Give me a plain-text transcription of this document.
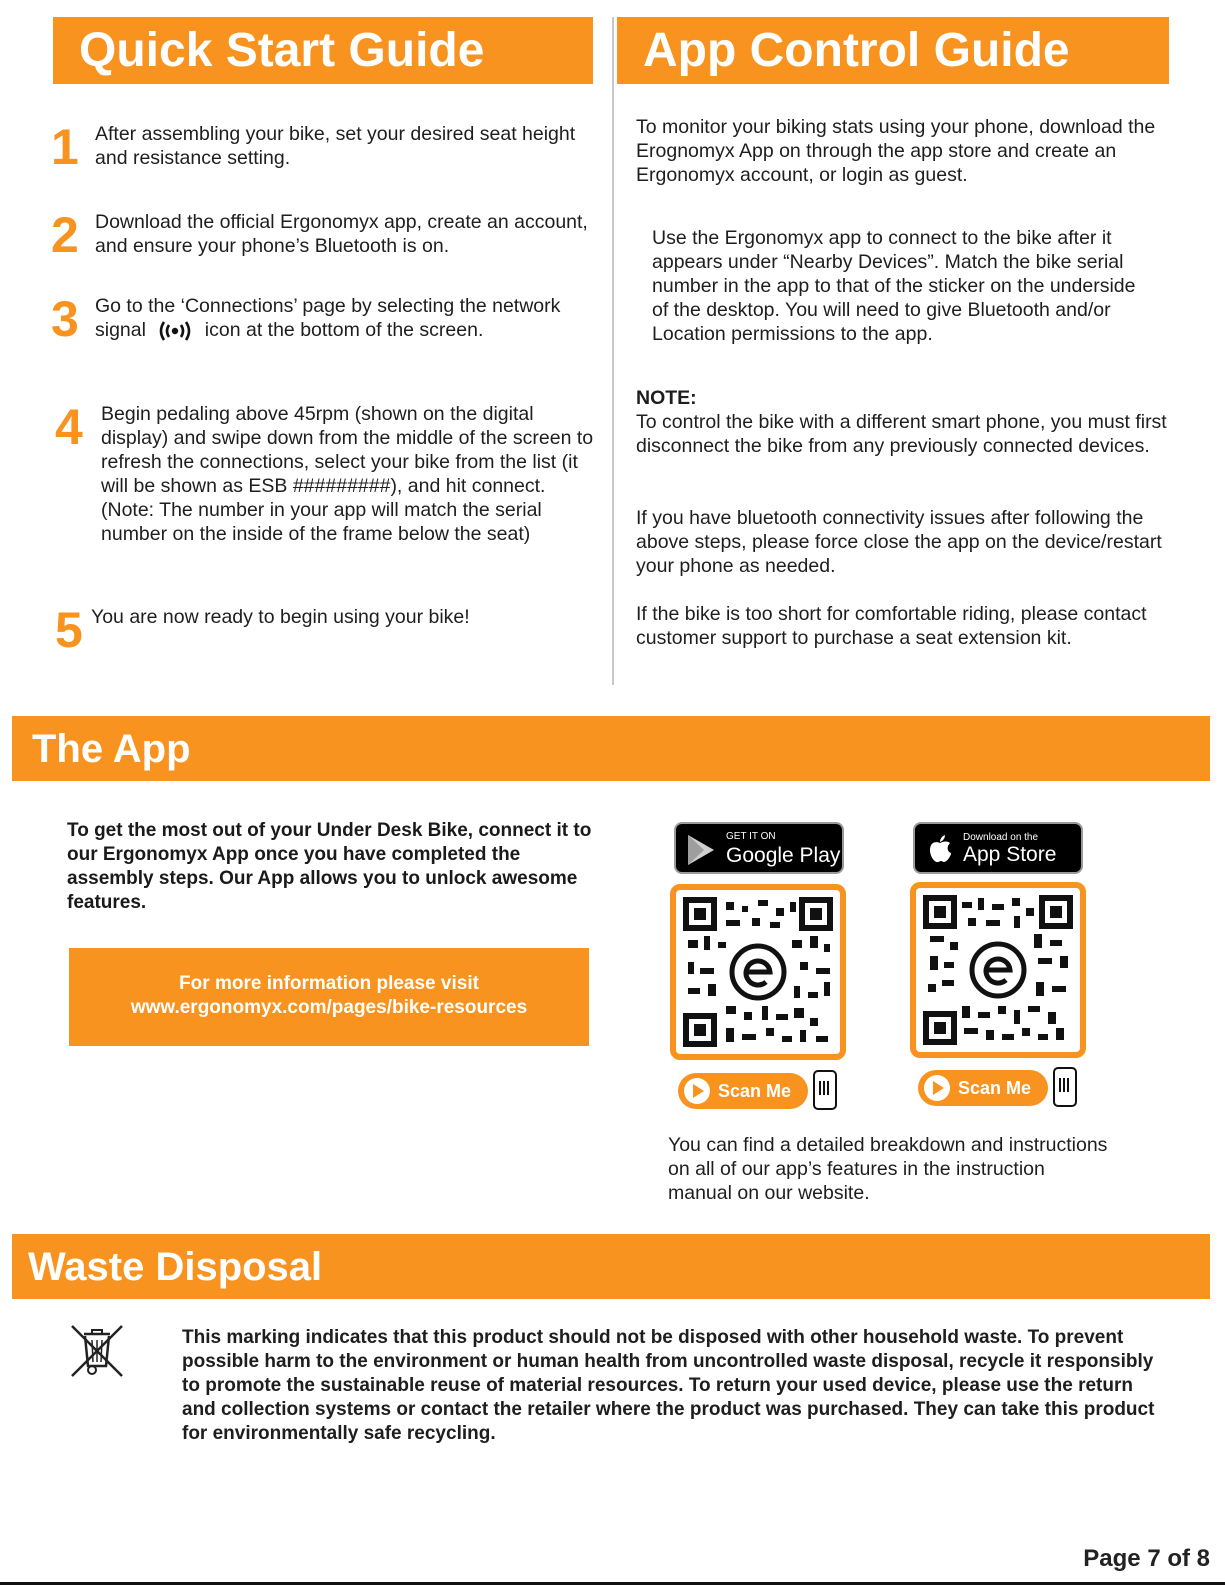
Quick Start Guide	App Control Guide
1 After assembling your bike, set your desired seat height and resistance setting.
2 Download the official Ergonomyx app, create an account, and ensure your phone’s Bluetooth is on.
3 Go to the ‘Connections’ page by selecting the network signal	icon at the bottom of the screen.
4 Begin pedaling above 45rpm (shown on the digital display) and swipe down from the middle of the screen to refresh the connections, select your bike from the list (it will be shown as ESB #########), and hit connect. (Note: The number in your app will match the serial number on the inside of the frame below the seat)
5 You are now ready to begin using your bike!
To monitor your biking stats using your phone, download the Erognomyx App on through the app store and create an Ergonomyx account, or login as guest.
Use the Ergonomyx app to connect to the bike after it appears under “Nearby Devices”. Match the bike serial number in the app to that of the sticker on the underside of the desktop. You will need to give Bluetooth and/or Location permissions to the app.
NOTE:
To control the bike with a different smart phone, you must first disconnect the bike from any previously connected devices.
If you have bluetooth connectivity issues after following the above steps, please force close the app on the device/restart your phone as needed.
If the bike is too short for comfortable riding, please contact customer support to purchase a seat extension kit.
The App
To get the most out of your Under Desk Bike, connect it to our Ergonomyx App once you have completed the assembly steps. Our App allows you to unlock awesome features.
For more information please visit
www.ergonomyx.com/pages/bike-resources
GET IT ON
Google Play
Download on the
App Store
Scan Me	Scan Me
You can find a detailed breakdown and instructions on all of our app’s features in the instruction manual on our website.
Waste Disposal
This marking indicates that this product should not be disposed with other household waste. To prevent possible harm to the environment or human health from uncontrolled waste disposal, recycle it responsibly to promote the sustainable reuse of material resources. To return your used device, please use the return and collection systems or contact the retailer where the product was purchased. They can take this product for environmentally safe recycling.
Page 7 of 8
